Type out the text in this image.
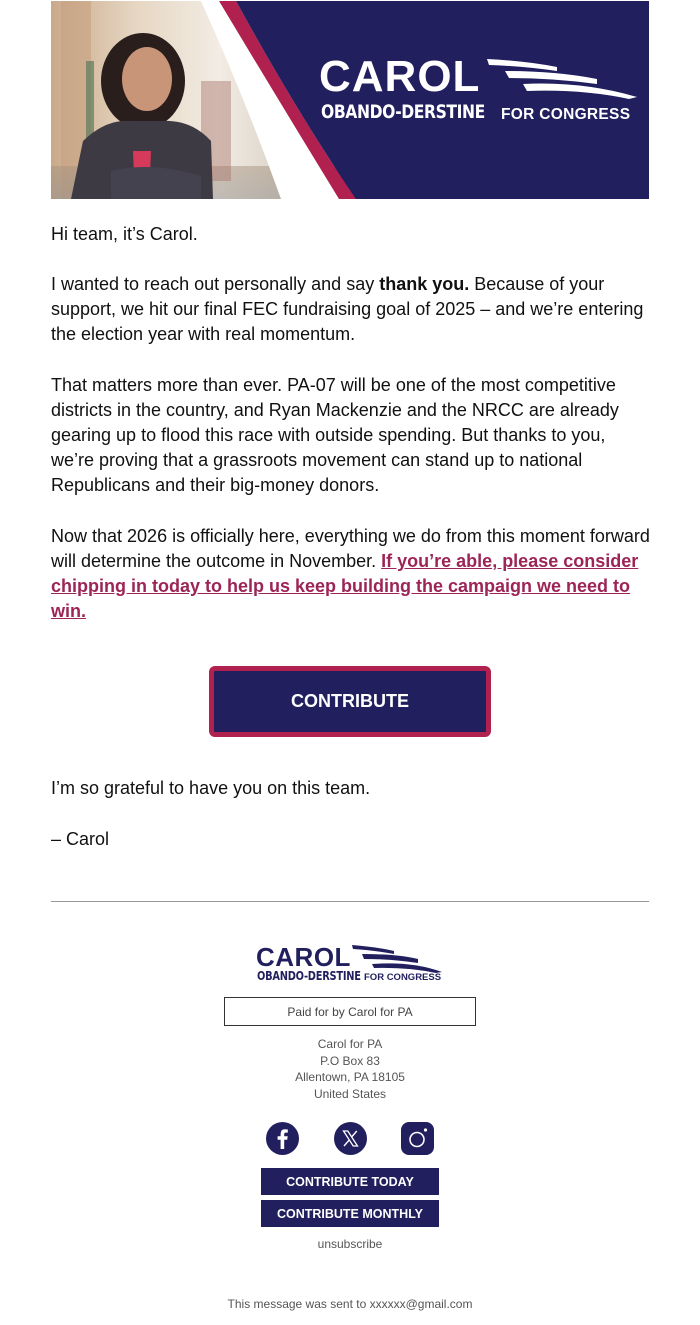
CAROL
OBANDO-DERSTINE FOR CONGRESS
Hi team, it’s Carol.
I wanted to reach out personally and say thank you. Because of your support, we hit our final FEC fundraising goal of 2025 – and we’re entering the election year with real momentum.
That matters more than ever. PA-07 will be one of the most competitive districts in the country, and Ryan Mackenzie and the NRCC are already gearing up to flood this race with outside spending. But thanks to you, we’re proving that a grassroots movement can stand up to national Republicans and their big-money donors.
Now that 2026 is officially here, everything we do from this moment forward will determine the outcome in November. If you’re able, please consider chipping in today to help us keep building the campaign we need to win.
CONTRIBUTE
I’m so grateful to have you on this team.
– Carol
CAROL
OBANDO-DERSTINE FOR CONGRESS
Paid for by Carol for PA
Carol for PA
P.O Box 83
Allentown, PA 18105
United States
CONTRIBUTE TODAY
CONTRIBUTE MONTHLY
unsubscribe
This message was sent to xxxxxx@gmail.com
